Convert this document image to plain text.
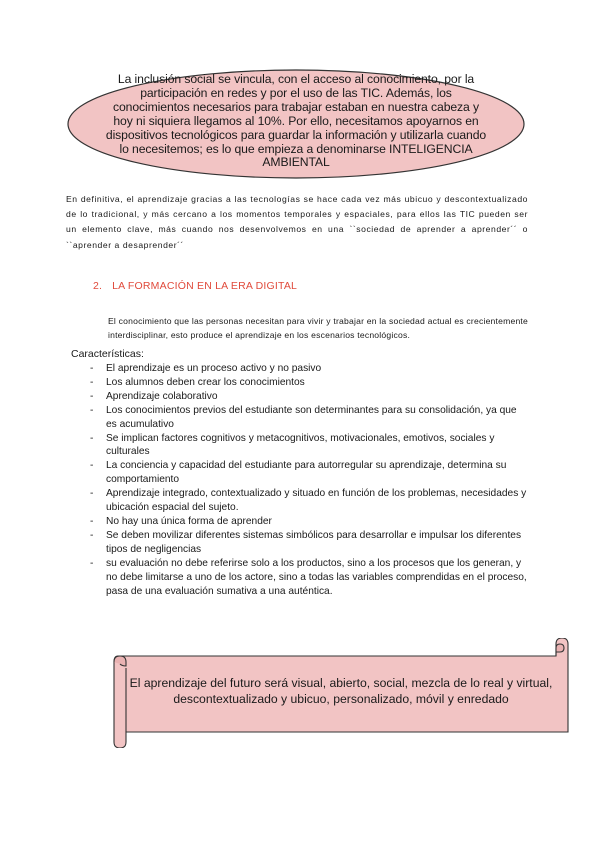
La inclusión social se vincula, con el acceso al conocimiento, por la participación en redes y por el uso de las TIC. Además, los conocimientos necesarios para trabajar estaban en nuestra cabeza y hoy ni siquiera llegamos al 10%. Por ello, necesitamos apoyarnos en dispositivos tecnológicos para guardar la información y utilizarla cuando lo necesitemos; es lo que empieza a denominarse INTELIGENCIA AMBIENTAL
En definitiva, el aprendizaje gracias a las tecnologías se hace cada vez más ubicuo y descontextualizado de lo tradicional, y más cercano a los momentos temporales y espaciales, para ellos las TIC pueden ser un elemento clave, más cuando nos desenvolvemos en una ``sociedad de aprender a aprender´´ o ``aprender a desaprender´´
2. LA FORMACIÓN EN LA ERA DIGITAL
El conocimiento que las personas necesitan para vivir y trabajar en la sociedad actual es crecientemente interdisciplinar, esto produce el aprendizaje en los escenarios tecnológicos.
Características:
- El aprendizaje es un proceso activo y no pasivo
- Los alumnos deben crear los conocimientos
- Aprendizaje colaborativo
- Los conocimientos previos del estudiante son determinantes para su consolidación, ya que es acumulativo
- Se implican factores cognitivos y metacognitivos, motivacionales, emotivos, sociales y culturales
- La conciencia y capacidad del estudiante para autorregular su aprendizaje, determina su comportamiento
- Aprendizaje integrado, contextualizado y situado en función de los problemas, necesidades y ubicación espacial del sujeto.
- No hay una única forma de aprender
- Se deben movilizar diferentes sistemas simbólicos para desarrollar e impulsar los diferentes tipos de negligencias
- su evaluación no debe referirse solo a los productos, sino a los procesos que los generan, y no debe limitarse a uno de los actore, sino a todas las variables comprendidas en el proceso, pasa de una evaluación sumativa a una auténtica.
El aprendizaje del futuro será visual, abierto, social, mezcla de lo real y virtual, descontextualizado y ubicuo, personalizado, móvil y enredado
